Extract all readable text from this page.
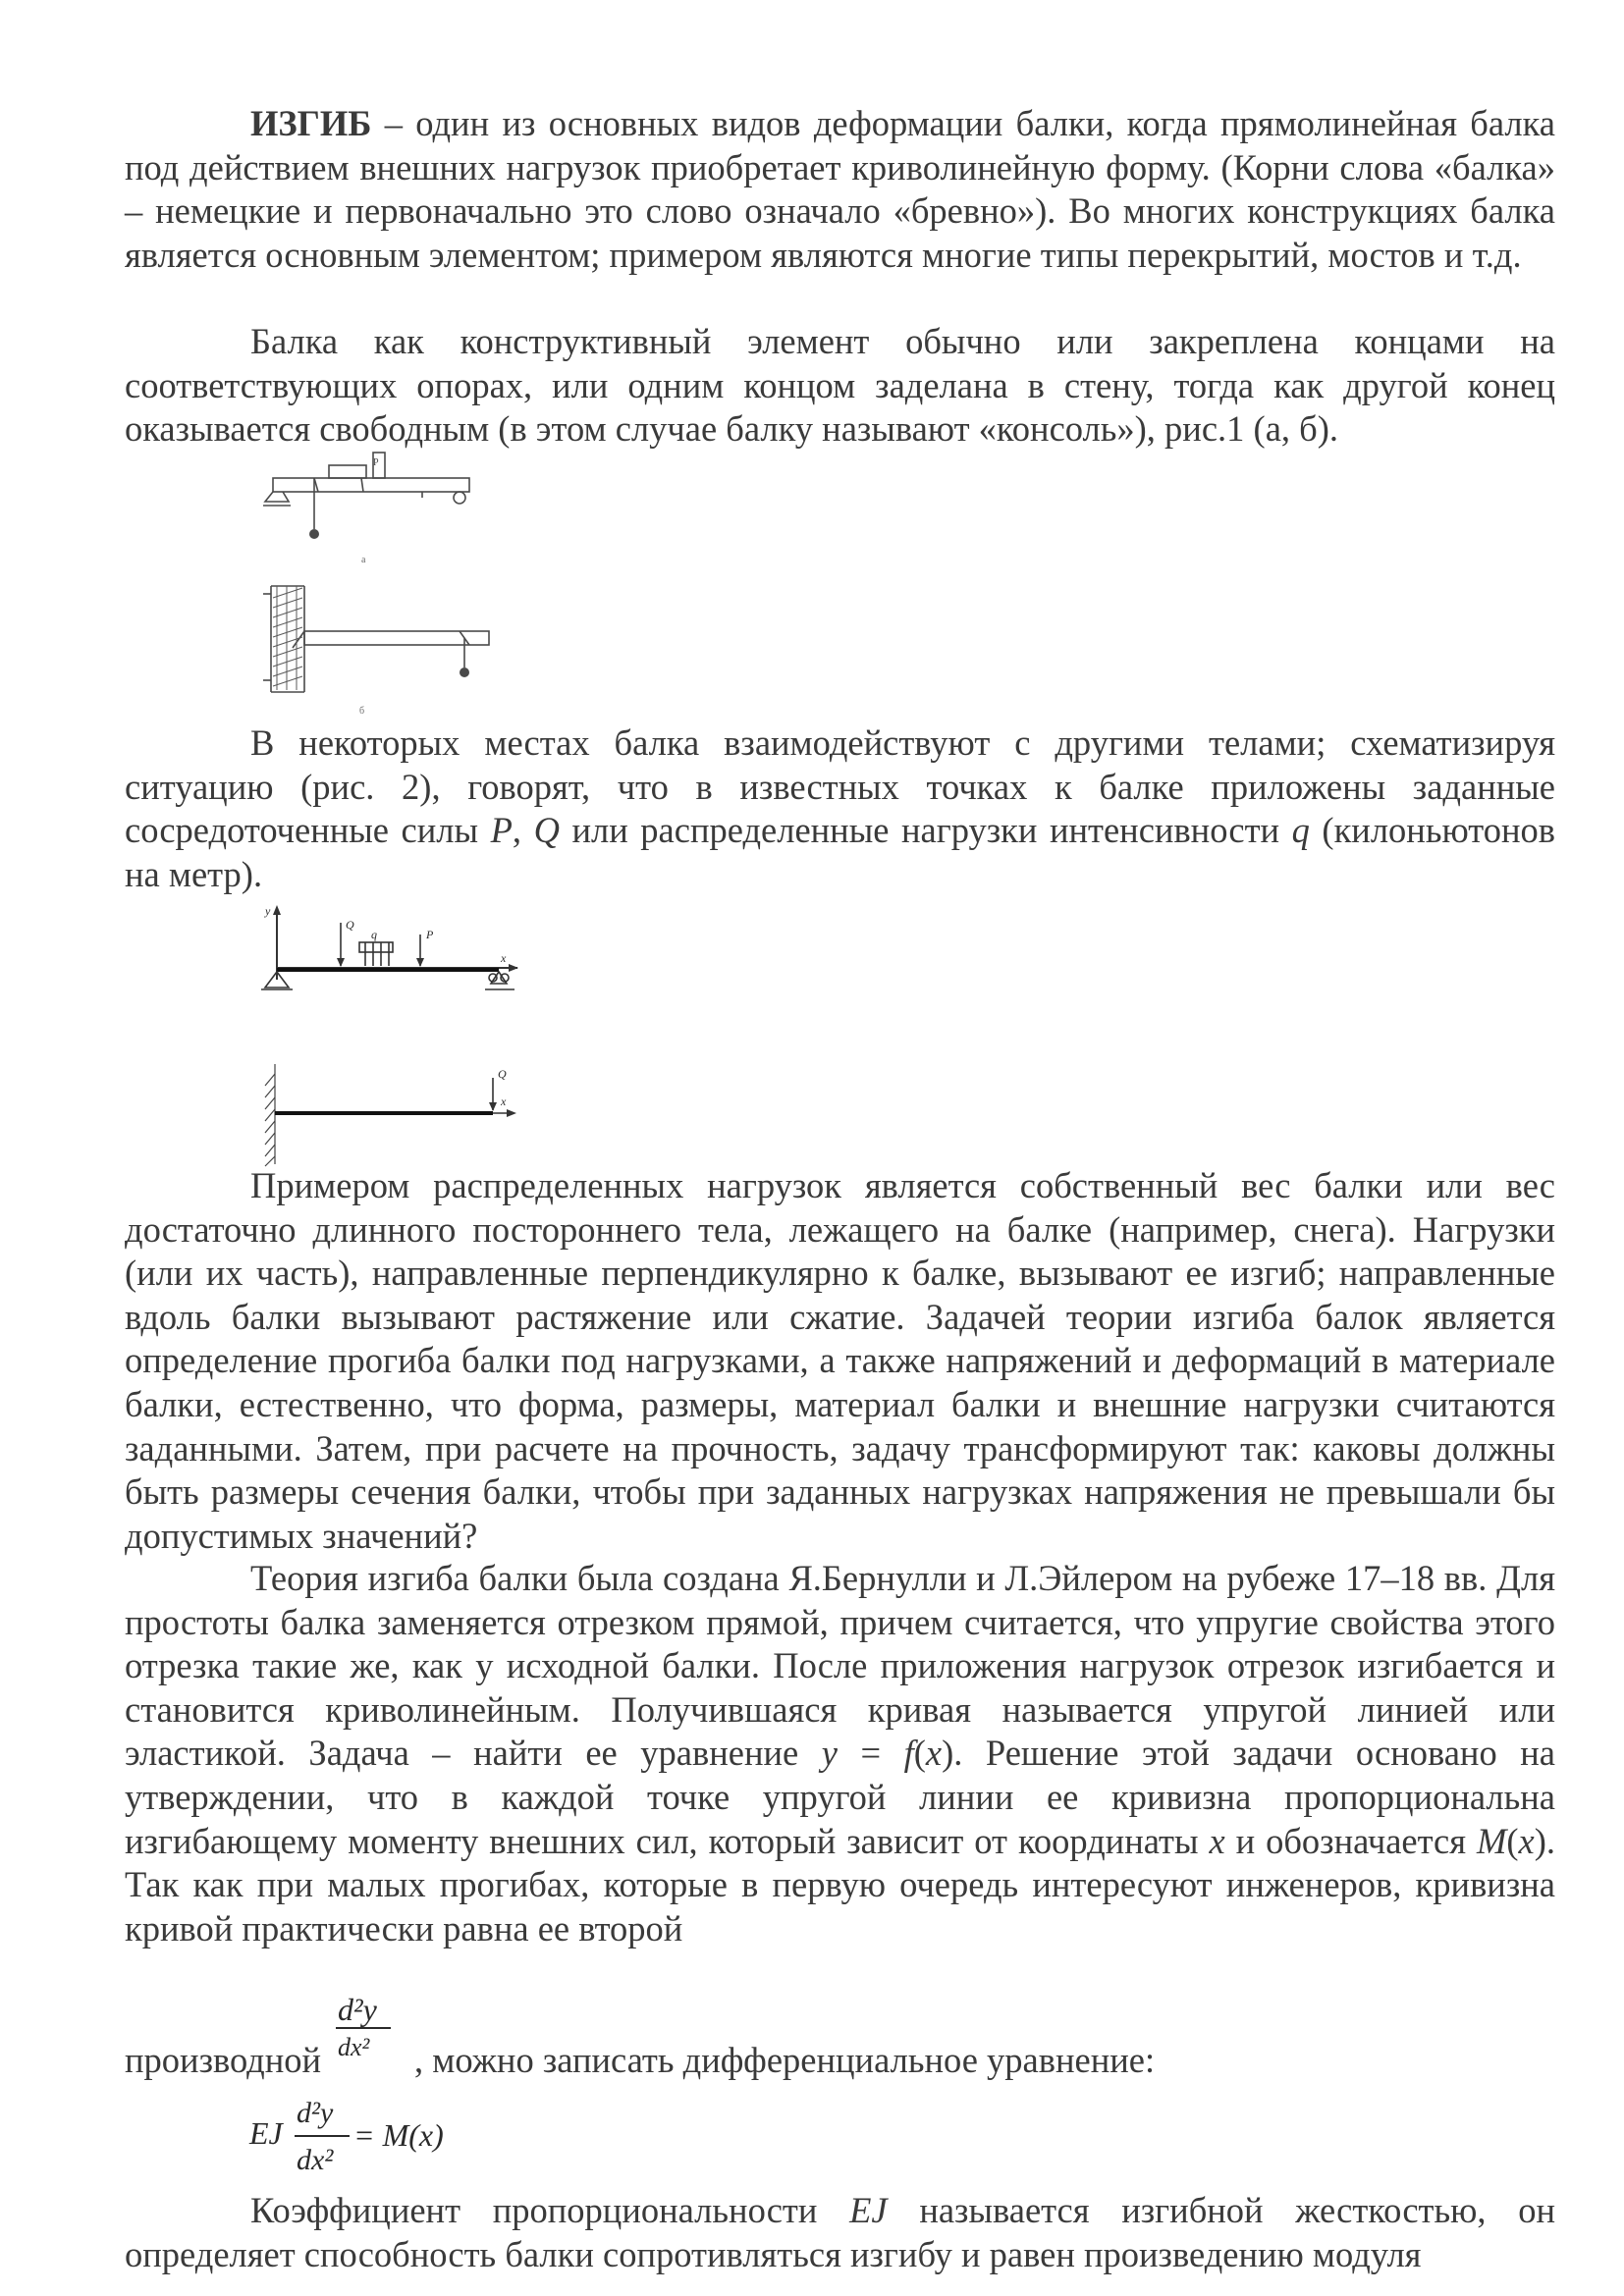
ИЗГИБ – один из основных видов деформации балки, когда прямолинейная балка под действием внешних нагрузок приобретает криволинейную форму. (Корни слова «балка» – немецкие и первоначально это слово означало «бревно»). Во многих конструкциях балка является основным элементом; примером являются многие типы перекрытий, мостов и т.д.

Балка как конструктивный элемент обычно или закреплена концами на соответствующих опорах, или одним концом заделана в стену, тогда как другой конец оказывается свободным (в этом случае балку называют «консоль»), рис.1 (а, б).

P
а
б

В некоторых местах балка взаимодействуют с другими телами; схематизируя ситуацию (рис. 2), говорят, что в известных точках к балке приложены заданные сосредоточенные силы P, Q или распределенные нагрузки интенсивности q (килоньютонов на метр).

y
Q
q	P
x
Q
x

Примером распределенных нагрузок является собственный вес балки или вес достаточно длинного постороннего тела, лежащего на балке (например, снега). Нагрузки (или их часть), направленные перпендикулярно к балке, вызывают ее изгиб; направленные вдоль балки вызывают растяжение или сжатие. Задачей теории изгиба балок является определение прогиба балки под нагрузками, а также напряжений и деформаций в материале балки, естественно, что форма, размеры, материал балки и внешние нагрузки считаются заданными. Затем, при расчете на прочность, задачу трансформируют так: каковы должны быть размеры сечения балки, чтобы при заданных нагрузках напряжения не превышали бы допустимых значений?

Теория изгиба балки была создана Я.Бернулли и Л.Эйлером на рубеже 17–18 вв. Для простоты балка заменяется отрезком прямой, причем считается, что упругие свойства этого отрезка такие же, как у исходной балки. После приложения нагрузок отрезок изгибается и становится криволинейным. Получившаяся кривая называется упругой линией или эластикой. Задача – найти ее уравнение y = f(x). Решение этой задачи основано на утверждении, что в каждой точке упругой линии ее кривизна пропорциональна изгибающему моменту внешних сил, который зависит от координаты x и обозначается M(x). Так как при малых прогибах, которые в первую очередь интересуют инженеров, кривизна кривой практически равна ее второй

производной
d²y
dx² , можно записать дифференциальное уравнение:
EJ
d²y
dx²
= M(x)

Коэффициент пропорциональности EJ называется изгибной жесткостью, он определяет способность балки сопротивляться изгибу и равен произведению модуля
